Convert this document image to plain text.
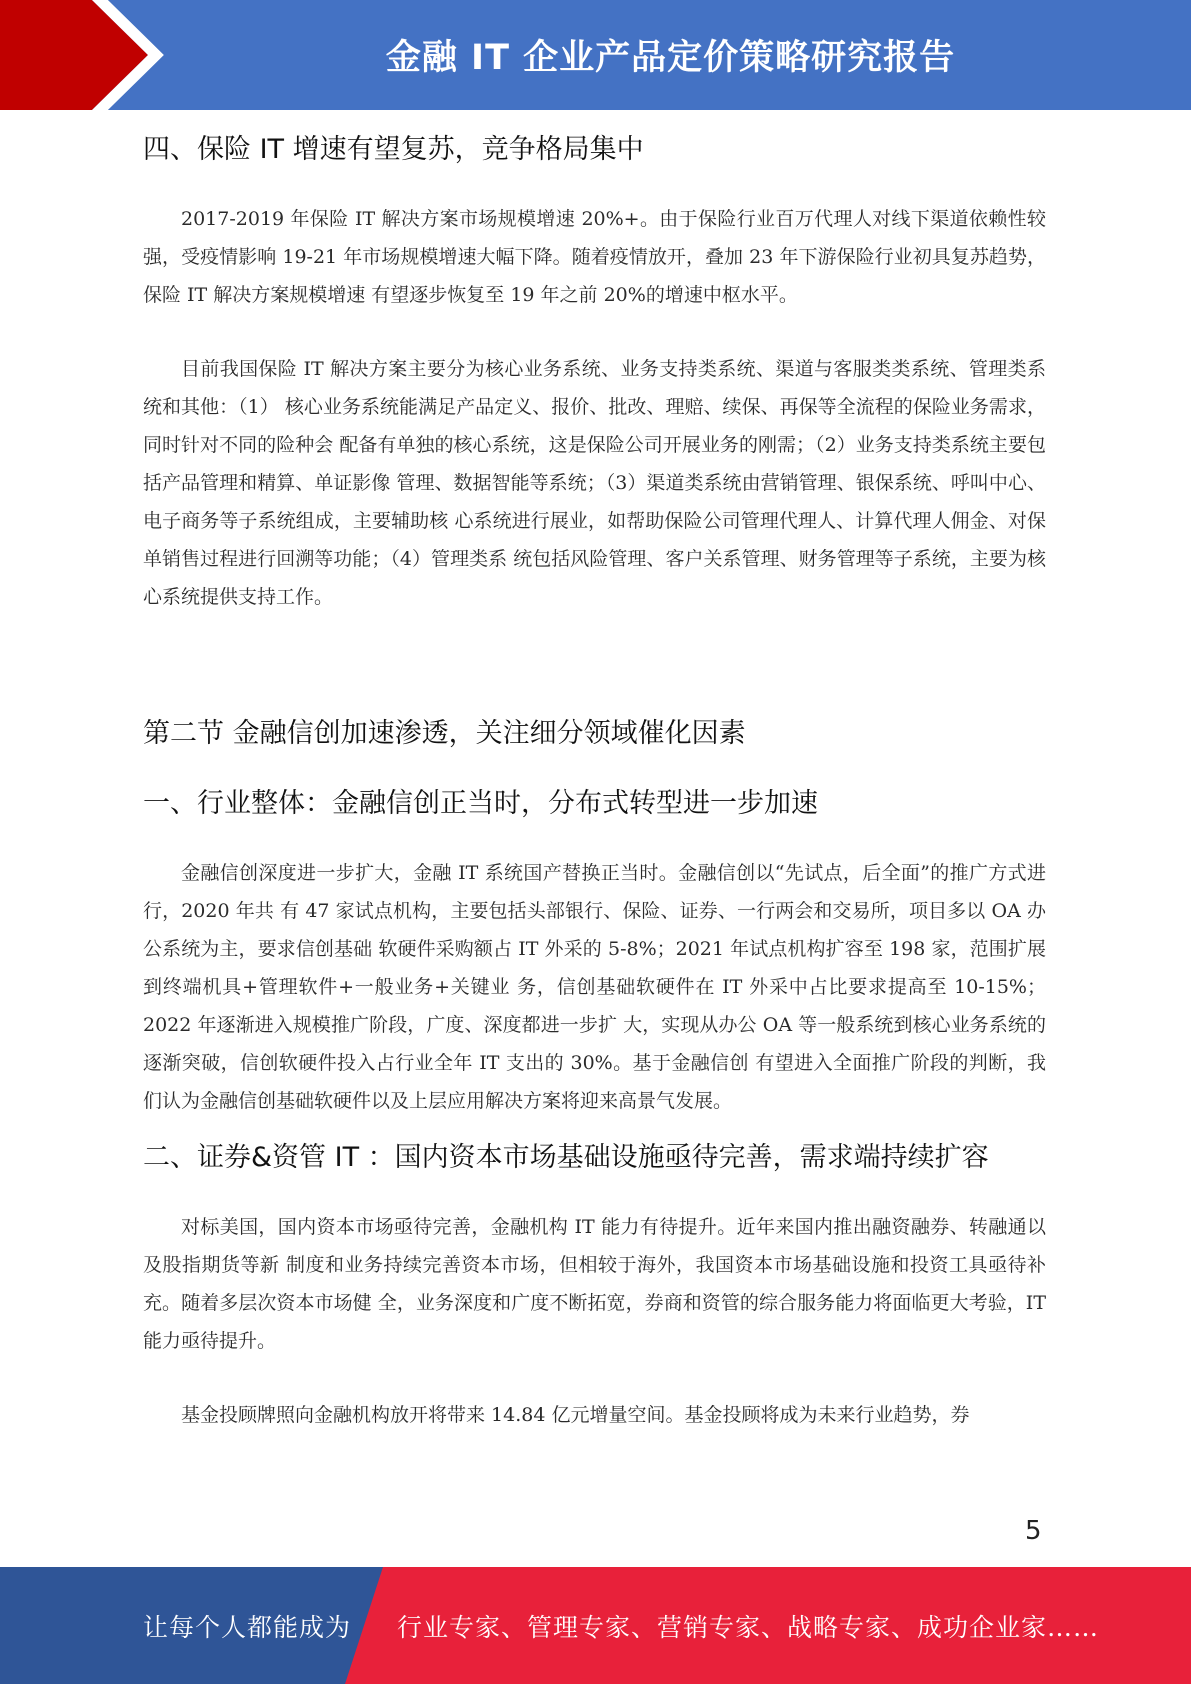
金融 IT 企业产品定价策略研究报告
四、保险 IT 增速有望复苏，竞争格局集中

2017-2019 年保险 IT 解决方案市场规模增速 20%+。由于保险行业百万代理人对线下渠道依赖性较强，受疫情影响 19-21 年市场规模增速大幅下降。随着疫情放开，叠加 23 年下游保险行业初具复苏趋势，保险 IT 解决方案规模增速 有望逐步恢复至 19 年之前 20%的增速中枢水平。

目前我国保险 IT 解决方案主要分为核心业务系统、业务支持类系统、渠道与客服类类系统、管理类系统和其他：（1） 核心业务系统能满足产品定义、报价、批改、理赔、续保、再保等全流程的保险业务需求，同时针对不同的险种会 配备有单独的核心系统，这是保险公司开展业务的刚需；（2）业务支持类系统主要包括产品管理和精算、单证影像 管理、数据智能等系统；（3）渠道类系统由营销管理、银保系统、呼叫中心、电子商务等子系统组成，主要辅助核 心系统进行展业，如帮助保险公司管理代理人、计算代理人佣金、对保单销售过程进行回溯等功能；（4）管理类系 统包括风险管理、客户关系管理、财务管理等子系统，主要为核心系统提供支持工作。

第二节 金融信创加速渗透，关注细分领域催化因素
一、行业整体：金融信创正当时，分布式转型进一步加速

金融信创深度进一步扩大，金融 IT 系统国产替换正当时。金融信创以“先试点，后全面”的推广方式进行，2020 年共 有 47 家试点机构，主要包括头部银行、保险、证券、一行两会和交易所，项目多以 OA 办公系统为主，要求信创基础 软硬件采购额占 IT 外采的 5-8%；2021 年试点机构扩容至 198 家，范围扩展到终端机具+管理软件+一般业务+关键业 务，信创基础软硬件在 IT 外采中占比要求提高至 10-15%；2022 年逐渐进入规模推广阶段，广度、深度都进一步扩 大，实现从办公 OA 等一般系统到核心业务系统的逐渐突破，信创软硬件投入占行业全年 IT 支出的 30%。基于金融信创 有望进入全面推广阶段的判断，我们认为金融信创基础软硬件以及上层应用解决方案将迎来高景气发展。

二、证券&资管 IT ：国内资本市场基础设施亟待完善，需求端持续扩容

对标美国，国内资本市场亟待完善，金融机构 IT 能力有待提升。近年来国内推出融资融券、转融通以及股指期货等新 制度和业务持续完善资本市场，但相较于海外，我国资本市场基础设施和投资工具亟待补充。随着多层次资本市场健 全，业务深度和广度不断拓宽，券商和资管的综合服务能力将面临更大考验，IT 能力亟待提升。

基金投顾牌照向金融机构放开将带来 14.84 亿元增量空间。基金投顾将成为未来行业趋势，券

5
让每个人都能成为 行业专家、管理专家、营销专家、战略专家、成功企业家……
